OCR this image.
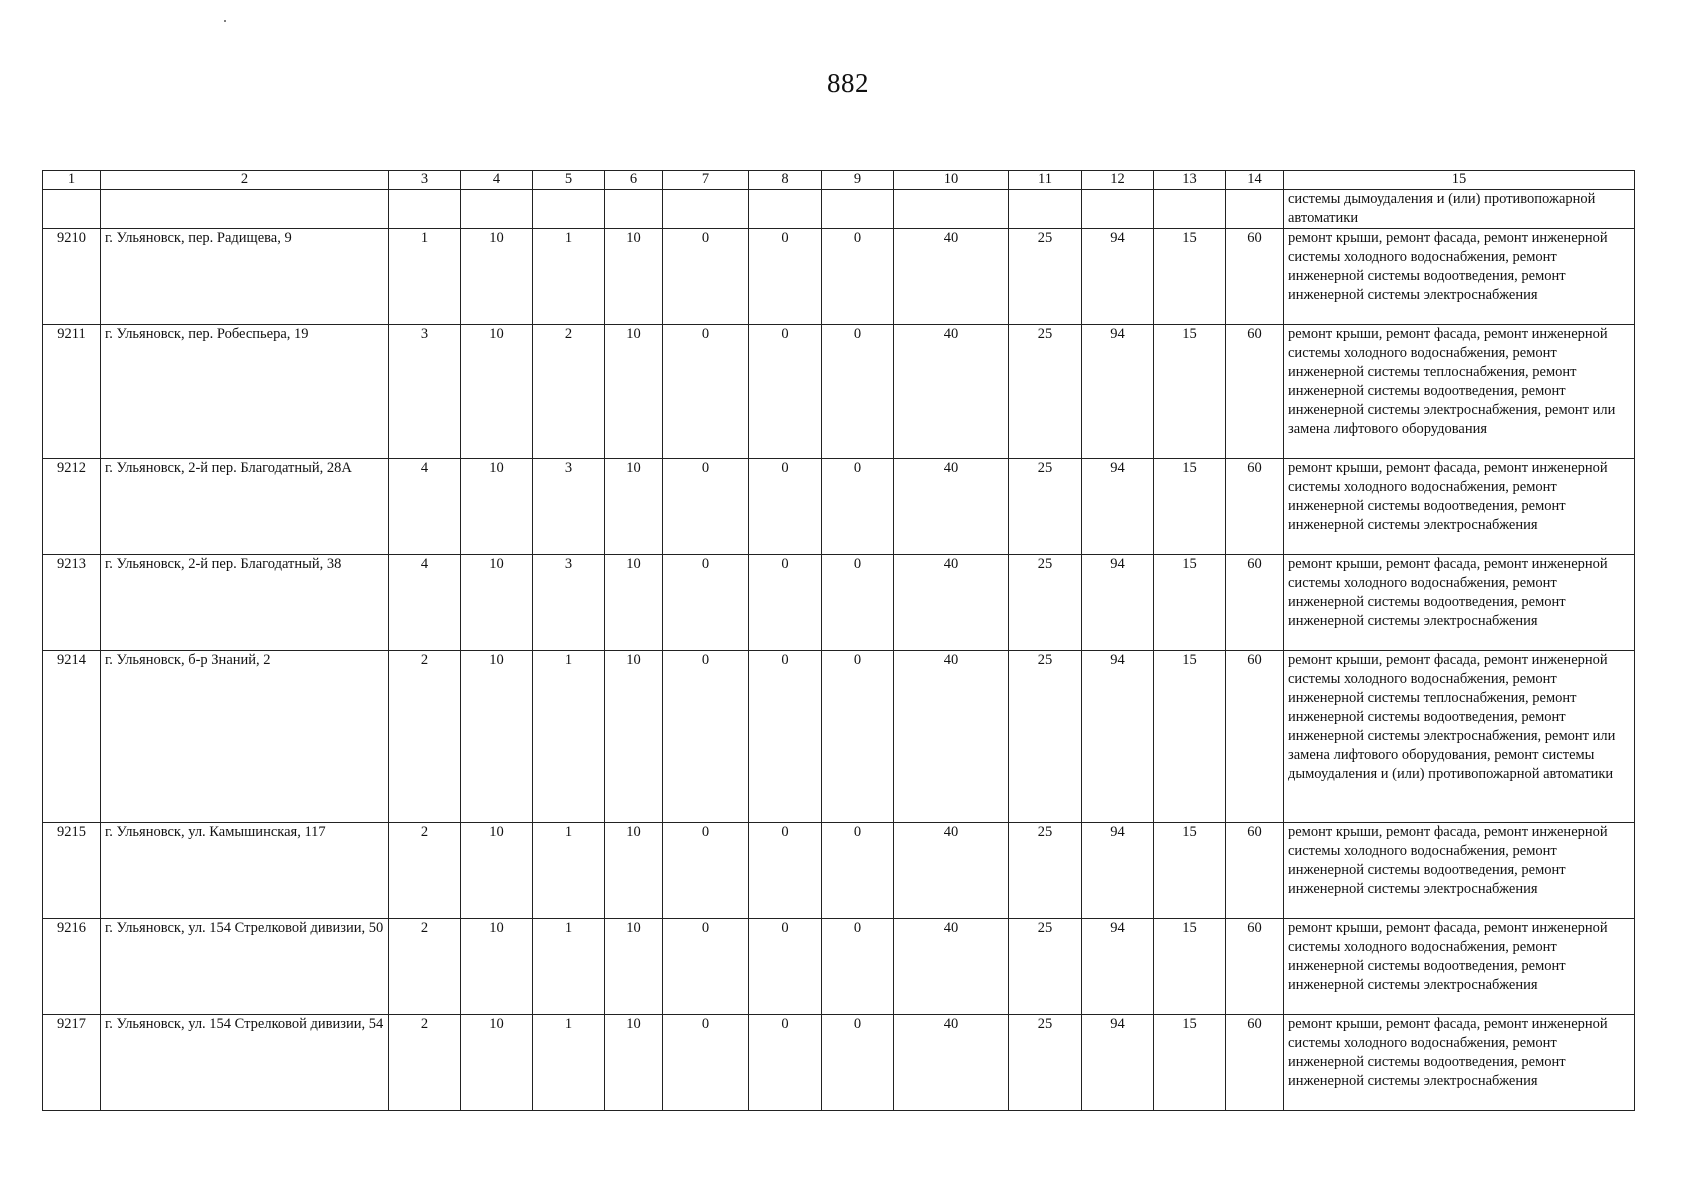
882
1	2	3	4	5	6	7	8	9	10	11	12	13	14	15
														системы дымоудаления и (или) противопожарной автоматики
9210	г. Ульяновск, пер. Радищева, 9	1	10	1	10	0	0	0	40	25	94	15	60	ремонт крыши, ремонт фасада, ремонт инженерной системы холодного водоснабжения, ремонт инженерной системы водоотведения, ремонт инженерной системы электроснабжения
9211	г. Ульяновск, пер. Робеспьера, 19	3	10	2	10	0	0	0	40	25	94	15	60	ремонт крыши, ремонт фасада, ремонт инженерной системы холодного водоснабжения, ремонт инженерной системы теплоснабжения, ремонт инженерной системы водоотведения, ремонт инженерной системы электроснабжения, ремонт или замена лифтового оборудования
9212	г. Ульяновск, 2-й пер. Благодатный, 28А	4	10	3	10	0	0	0	40	25	94	15	60	ремонт крыши, ремонт фасада, ремонт инженерной системы холодного водоснабжения, ремонт инженерной системы водоотведения, ремонт инженерной системы электроснабжения
9213	г. Ульяновск, 2-й пер. Благодатный, 38	4	10	3	10	0	0	0	40	25	94	15	60	ремонт крыши, ремонт фасада, ремонт инженерной системы холодного водоснабжения, ремонт инженерной системы водоотведения, ремонт инженерной системы электроснабжения
9214	г. Ульяновск, б-р Знаний, 2	2	10	1	10	0	0	0	40	25	94	15	60	ремонт крыши, ремонт фасада, ремонт инженерной системы холодного водоснабжения, ремонт инженерной системы теплоснабжения, ремонт инженерной системы водоотведения, ремонт инженерной системы электроснабжения, ремонт или замена лифтового оборудования, ремонт системы дымоудаления и (или) противопожарной автоматики
9215	г. Ульяновск, ул. Камышинская, 117	2	10	1	10	0	0	0	40	25	94	15	60	ремонт крыши, ремонт фасада, ремонт инженерной системы холодного водоснабжения, ремонт инженерной системы водоотведения, ремонт инженерной системы электроснабжения
9216	г. Ульяновск, ул. 154 Стрелковой дивизии, 50	2	10	1	10	0	0	0	40	25	94	15	60	ремонт крыши, ремонт фасада, ремонт инженерной системы холодного водоснабжения, ремонт инженерной системы водоотведения, ремонт инженерной системы электроснабжения
9217	г. Ульяновск, ул. 154 Стрелковой дивизии, 54	2	10	1	10	0	0	0	40	25	94	15	60	ремонт крыши, ремонт фасада, ремонт инженерной системы холодного водоснабжения, ремонт инженерной системы водоотведения, ремонт инженерной системы электроснабжения
